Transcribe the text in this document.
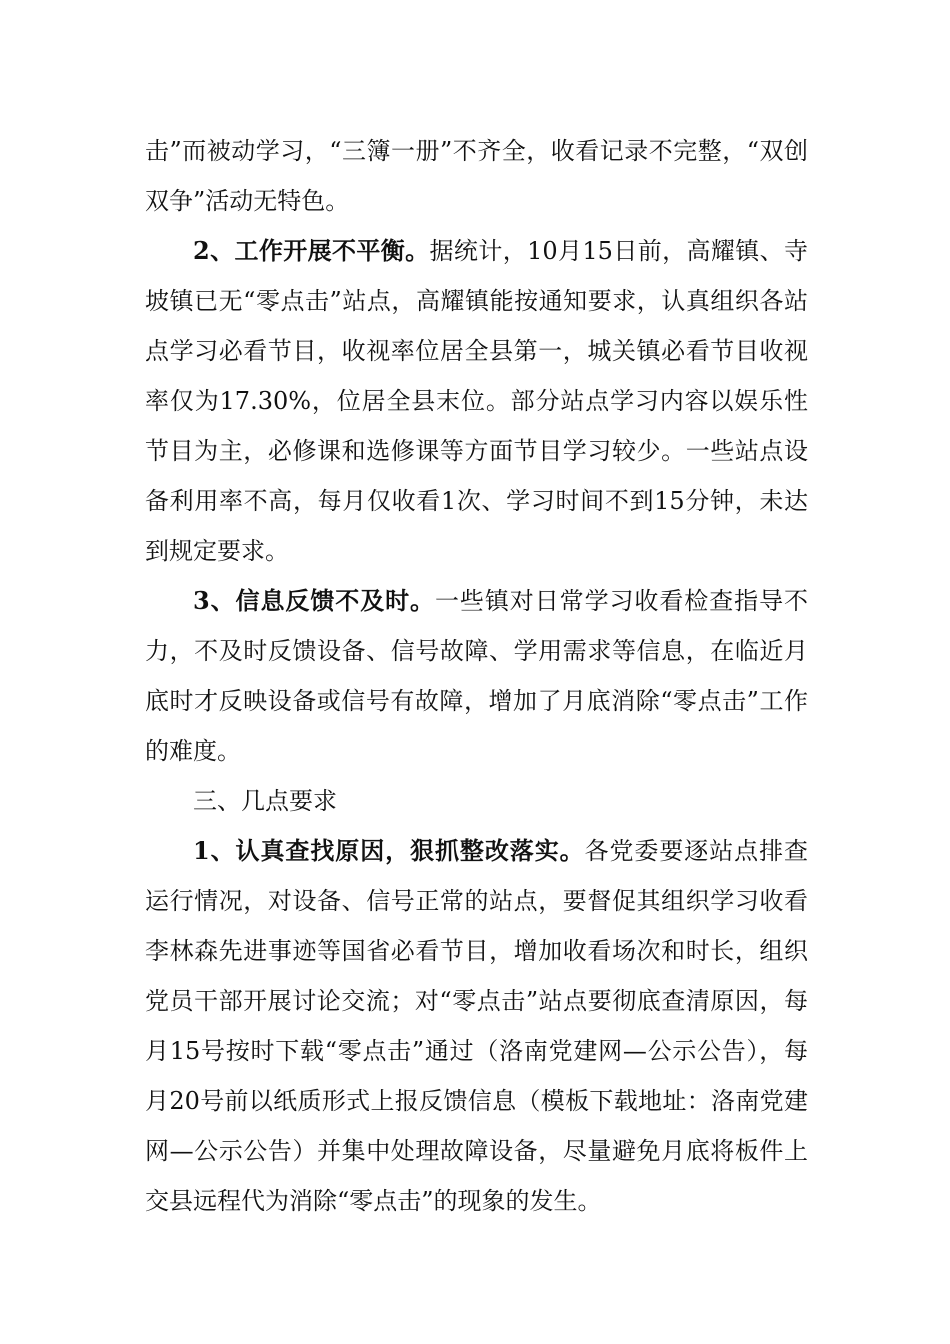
击”而被动学习，“三簿一册”不齐全，收看记录不完整，“双创双争”活动无特色。

2、工作开展不平衡。据统计，10月15日前，高耀镇、寺坡镇已无“零点击”站点，高耀镇能按通知要求，认真组织各站点学习必看节目，收视率位居全县第一，城关镇必看节目收视率仅为17.30%，位居全县末位。部分站点学习内容以娱乐性节目为主，必修课和选修课等方面节目学习较少。一些站点设备利用率不高，每月仅收看1次、学习时间不到15分钟，未达到规定要求。

3、信息反馈不及时。一些镇对日常学习收看检查指导不力，不及时反馈设备、信号故障、学用需求等信息，在临近月底时才反映设备或信号有故障，增加了月底消除“零点击”工作的难度。

三、几点要求

1、认真查找原因，狠抓整改落实。各党委要逐站点排查运行情况，对设备、信号正常的站点，要督促其组织学习收看李林森先进事迹等国省必看节目，增加收看场次和时长，组织党员干部开展讨论交流；对“零点击”站点要彻底查清原因，每月15号按时下载“零点击”通过（洛南党建网—公示公告），每月20号前以纸质形式上报反馈信息（模板下载地址：洛南党建网—公示公告）并集中处理故障设备，尽量避免月底将板件上交县远程代为消除“零点击”的现象的发生。
